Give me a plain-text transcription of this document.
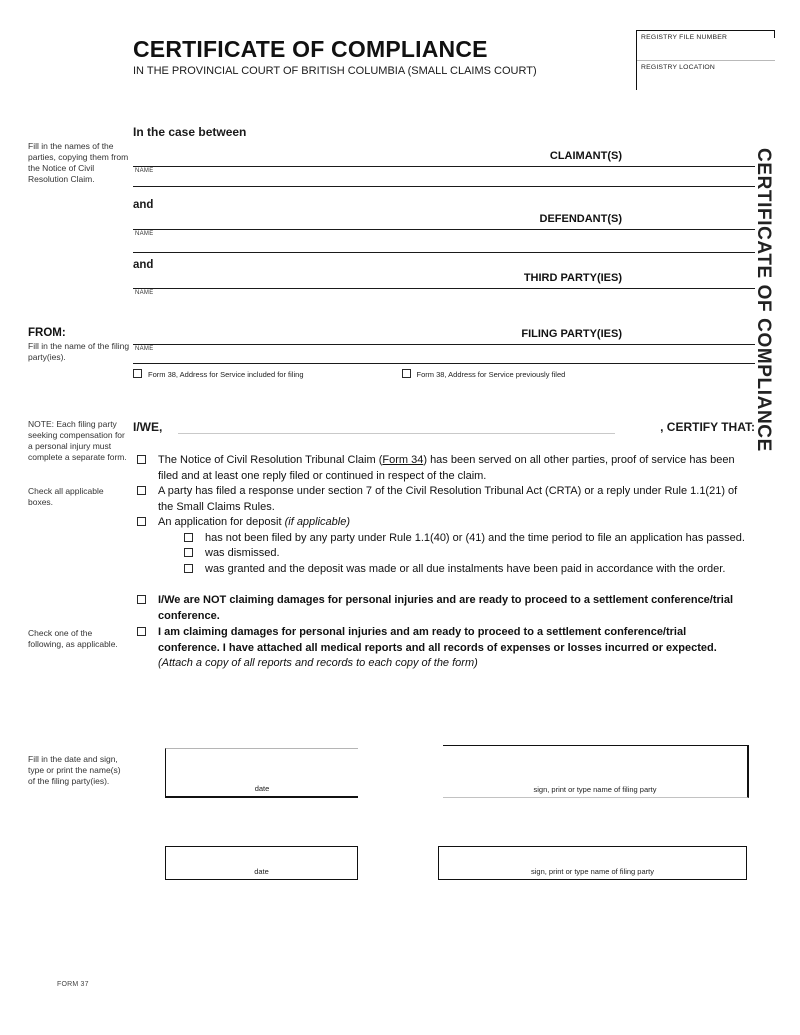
REGISTRY FILE NUMBER
REGISTRY LOCATION
CERTIFICATE OF COMPLIANCE
IN THE PROVINCIAL COURT OF BRITISH COLUMBIA (SMALL CLAIMS COURT)
CERTIFICATE OF COMPLIANCE
Fill in the names of the parties, copying them from the Notice of Civil Resolution Claim.
FROM:
Fill in the name of the filing party(ies).
NOTE: Each filing party seeking compensation for a personal injury must complete a separate form.
Check all applicable boxes.
Check one of the following, as applicable.
Fill in the date and sign, type or print the name(s) of the filing party(ies).
In the case between
CLAIMANT(S)
NAME
and
DEFENDANT(S)
NAME
and
THIRD PARTY(IES)
NAME
FILING PARTY(IES)
NAME
Form 38, Address for Service included for filing	Form 38, Address for Service previously filed
I/WE,	, CERTIFY THAT:
The Notice of Civil Resolution Tribunal Claim (Form 34) has been served on all other parties, proof of service has been filed and at least one reply filed or continued in respect of the claim.
A party has filed a response under section 7 of the Civil Resolution Tribunal Act (CRTA) or a reply under Rule 1.1(21) of the Small Claims Rules.
An application for deposit (if applicable)
has not been filed by any party under Rule 1.1(40) or (41) and the time period to file an application has passed.
was dismissed.
was granted and the deposit was made or all due instalments have been paid in accordance with the order.
I/We are NOT claiming damages for personal injuries and are ready to proceed to a settlement conference/trial conference.
I am claiming damages for personal injuries and am ready to proceed to a settlement conference/trial conference. I have attached all medical reports and all records of expenses or losses incurred or expected. (Attach a copy of all reports and records to each copy of the form)
date	sign, print or type name of filing party
date	sign, print or type name of filing party
FORM 37
